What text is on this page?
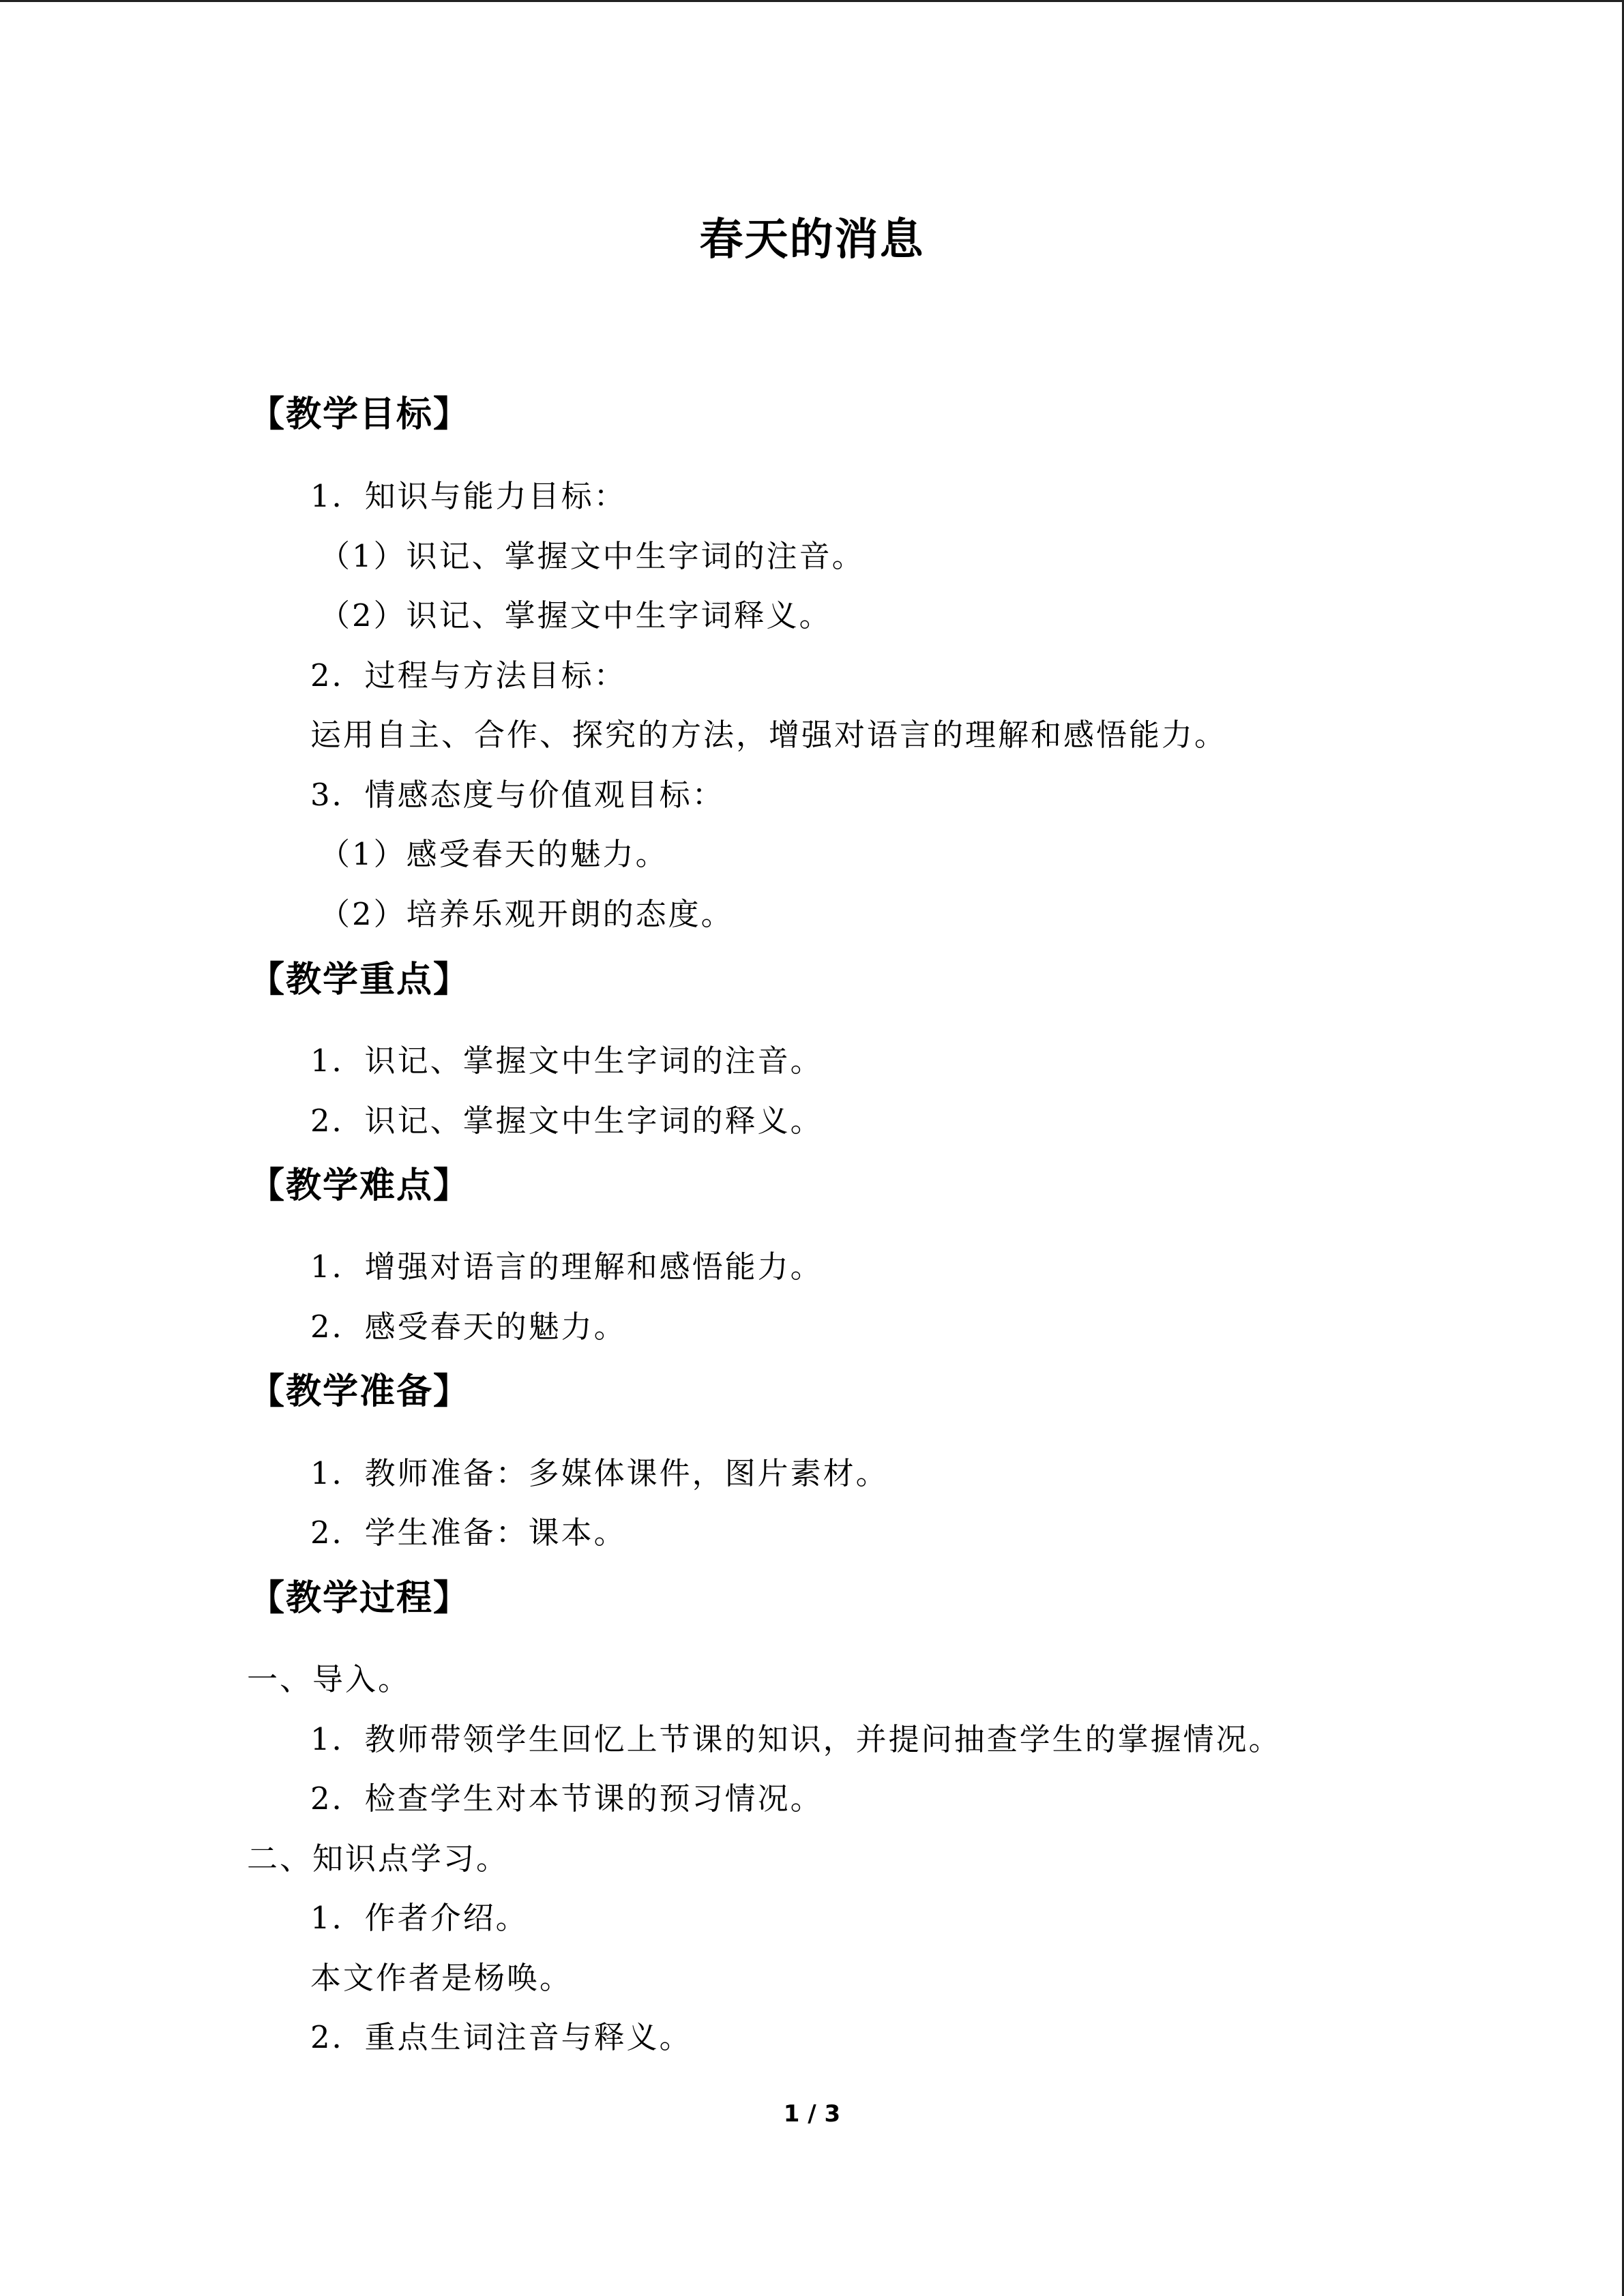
春天的消息
【教学目标】
1．知识与能力目标：
（1）识记、掌握文中生字词的注音。
（2）识记、掌握文中生字词释义。
2．过程与方法目标：
运用自主、合作、探究的方法，增强对语言的理解和感悟能力。
3．情感态度与价值观目标：
（1）感受春天的魅力。
（2）培养乐观开朗的态度。
【教学重点】
1．识记、掌握文中生字词的注音。
2．识记、掌握文中生字词的释义。
【教学难点】
1．增强对语言的理解和感悟能力。
2．感受春天的魅力。
【教学准备】
1．教师准备：多媒体课件，图片素材。
2．学生准备：课本。
【教学过程】
一、导入。
1．教师带领学生回忆上节课的知识，并提问抽查学生的掌握情况。
2．检查学生对本节课的预习情况。
二、知识点学习。
1．作者介绍。
本文作者是杨唤。
2．重点生词注音与释义。
1 / 3
